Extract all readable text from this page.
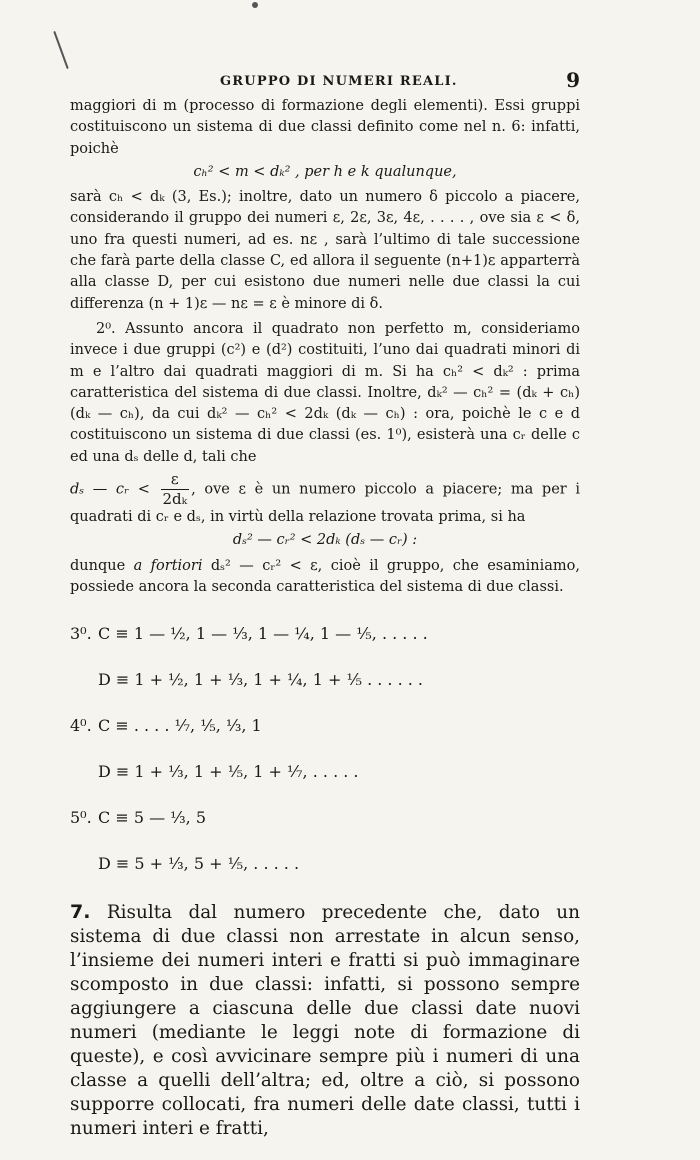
GRUPPO DI NUMERI REALI.	9

maggiori di m (processo di formazione degli elementi). Essi gruppi costituiscono un sistema di due classi definito come nel n. 6: infatti, poichè

cₕ² < m < dₖ² , per h e k qualunque,

sarà cₕ < dₖ (3, Es.); inoltre, dato un numero δ piccolo a piacere, considerando il gruppo dei numeri ε, 2ε, 3ε, 4ε, . . . . , ove sia ε < δ, uno fra questi numeri, ad es. nε , sarà l’ultimo di tale successione che farà parte della classe C, ed allora il seguente (n+1)ε apparterrà alla classe D, per cui esistono due numeri nelle due classi la cui differenza (n + 1)ε — nε = ε è minore di δ.

2⁰. Assunto ancora il quadrato non perfetto m, consideriamo invece i due gruppi (c²) e (d²) costituiti, l’uno dai quadrati minori di m e l’altro dai quadrati maggiori di m. Si ha cₕ² < dₖ² : prima caratteristica del sistema di due classi. Inoltre, dₖ² — cₕ² = (dₖ + cₕ) (dₖ — cₕ), da cui dₖ² — cₕ² < 2dₖ (dₖ — cₕ) : ora, poichè le c e d costituiscono un sistema di due classi (es. 1⁰), esisterà una cᵣ delle c ed una dₛ delle d, tali che

dₛ — cᵣ < $\frac{\varepsilon}{\text{2dₖ}}$ , ove ε è un numero piccolo a piacere; ma per i quadrati di cᵣ e dₛ, in virtù della relazione trovata prima, si ha

dₛ² — cᵣ² < 2dₖ (dₛ — cᵣ) :

dunque a fortiori dₛ² — cᵣ² < ε, cioè il gruppo, che esaminiamo, possiede ancora la seconda caratteristica del sistema di due classi.

3⁰. C ≡ 1 — ½, 1 — ⅓, 1 — ¼, 1 — ⅕, . . . . .
D ≡ 1 + ½, 1 + ⅓, 1 + ¼, 1 + ⅕ . . . . . .
4⁰. C ≡ . . . . ⅐, ⅕, ⅓, 1
D ≡ 1 + ⅓, 1 + ⅕, 1 + ⅐, . . . . .
5⁰. C ≡ 5 — ⅓, 5
D ≡ 5 + ⅓, 5 + ⅕, . . . . .

7. Risulta dal numero precedente che, dato un sistema di due classi non arrestate in alcun senso, l’insieme dei numeri interi e fratti si può immaginare scomposto in due classi: infatti, si possono sempre aggiungere a ciascuna delle due classi date nuovi numeri (mediante le leggi note di formazione di queste), e così avvicinare sempre più i numeri di una classe a quelli dell’altra; ed, oltre a ciò, si possono supporre collocati, fra numeri delle date classi, tutti i numeri interi e fratti,
